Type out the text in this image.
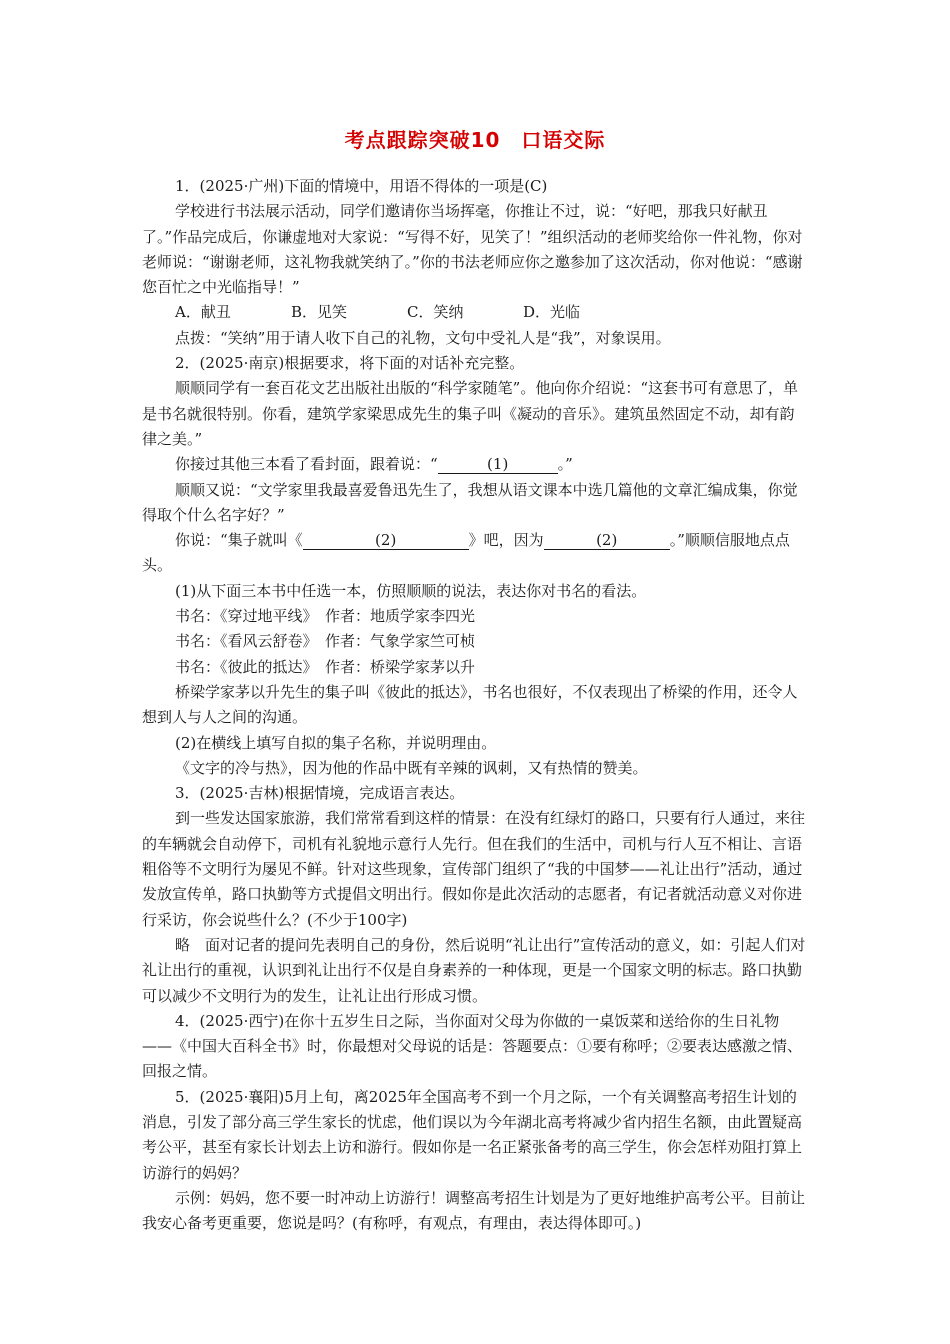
考点跟踪突破10　口语交际

1．(2025·广州)下面的情境中，用语不得体的一项是(C)

学校进行书法展示活动，同学们邀请你当场挥毫，你推让不过，说：“好吧，那我只好献丑了。”作品完成后，你谦虚地对大家说：“写得不好，见笑了！”组织活动的老师奖给你一件礼物，你对老师说：“谢谢老师，这礼物我就笑纳了。”你的书法老师应你之邀参加了这次活动，你对他说：“感谢您百忙之中光临指导！”

A．献丑	B．见笑	C．笑纳	D．光临

点拨：“笑纳”用于请人收下自己的礼物，文句中受礼人是“我”，对象误用。

2．(2025·南京)根据要求，将下面的对话补充完整。

顺顺同学有一套百花文艺出版社出版的“科学家随笔”。他向你介绍说：“这套书可有意思了，单是书名就很特别。你看，建筑学家梁思成先生的集子叫《凝动的音乐》。建筑虽然固定不动，却有韵律之美。”

你接过其他三本看了看封面，跟着说：“	(1)	。”

顺顺又说：“文学家里我最喜爱鲁迅先生了，我想从语文课本中选几篇他的文章汇编成集，你觉得取个什么名字好？”

你说：“集子就叫《	(2)	》吧，因为	(2)	。”顺顺信服地点点头。

(1)从下面三本书中任选一本，仿照顺顺的说法，表达你对书名的看法。

书名：《穿过地平线》　作者：地质学家李四光

书名：《看风云舒卷》　作者：气象学家竺可桢

书名：《彼此的抵达》　作者：桥梁学家茅以升

桥梁学家茅以升先生的集子叫《彼此的抵达》，书名也很好，不仅表现出了桥梁的作用，还令人想到人与人之间的沟通。

(2)在横线上填写自拟的集子名称，并说明理由。

《文字的冷与热》，因为他的作品中既有辛辣的讽刺，又有热情的赞美。

3．(2025·吉林)根据情境，完成语言表达。

到一些发达国家旅游，我们常常看到这样的情景：在没有红绿灯的路口，只要有行人通过，来往的车辆就会自动停下，司机有礼貌地示意行人先行。但在我们的生活中，司机与行人互不相让、言语粗俗等不文明行为屡见不鲜。针对这些现象，宣传部门组织了“我的中国梦——礼让出行”活动，通过发放宣传单，路口执勤等方式提倡文明出行。假如你是此次活动的志愿者，有记者就活动意义对你进行采访，你会说些什么？(不少于100字)

略　面对记者的提问先表明自己的身份，然后说明“礼让出行”宣传活动的意义，如：引起人们对礼让出行的重视，认识到礼让出行不仅是自身素养的一种体现，更是一个国家文明的标志。路口执勤可以减少不文明行为的发生，让礼让出行形成习惯。

4．(2025·西宁)在你十五岁生日之际，当你面对父母为你做的一桌饭菜和送给你的生日礼物——《中国大百科全书》时，你最想对父母说的话是：答题要点：①要有称呼；②要表达感激之情、回报之情。

5．(2025·襄阳)5月上旬，离2025年全国高考不到一个月之际，一个有关调整高考招生计划的消息，引发了部分高三学生家长的忧虑，他们误以为今年湖北高考将减少省内招生名额，由此置疑高考公平，甚至有家长计划去上访和游行。假如你是一名正紧张备考的高三学生，你会怎样劝阻打算上访游行的妈妈？

示例：妈妈，您不要一时冲动上访游行！调整高考招生计划是为了更好地维护高考公平。目前让我安心备考更重要，您说是吗？(有称呼，有观点，有理由，表达得体即可。)
